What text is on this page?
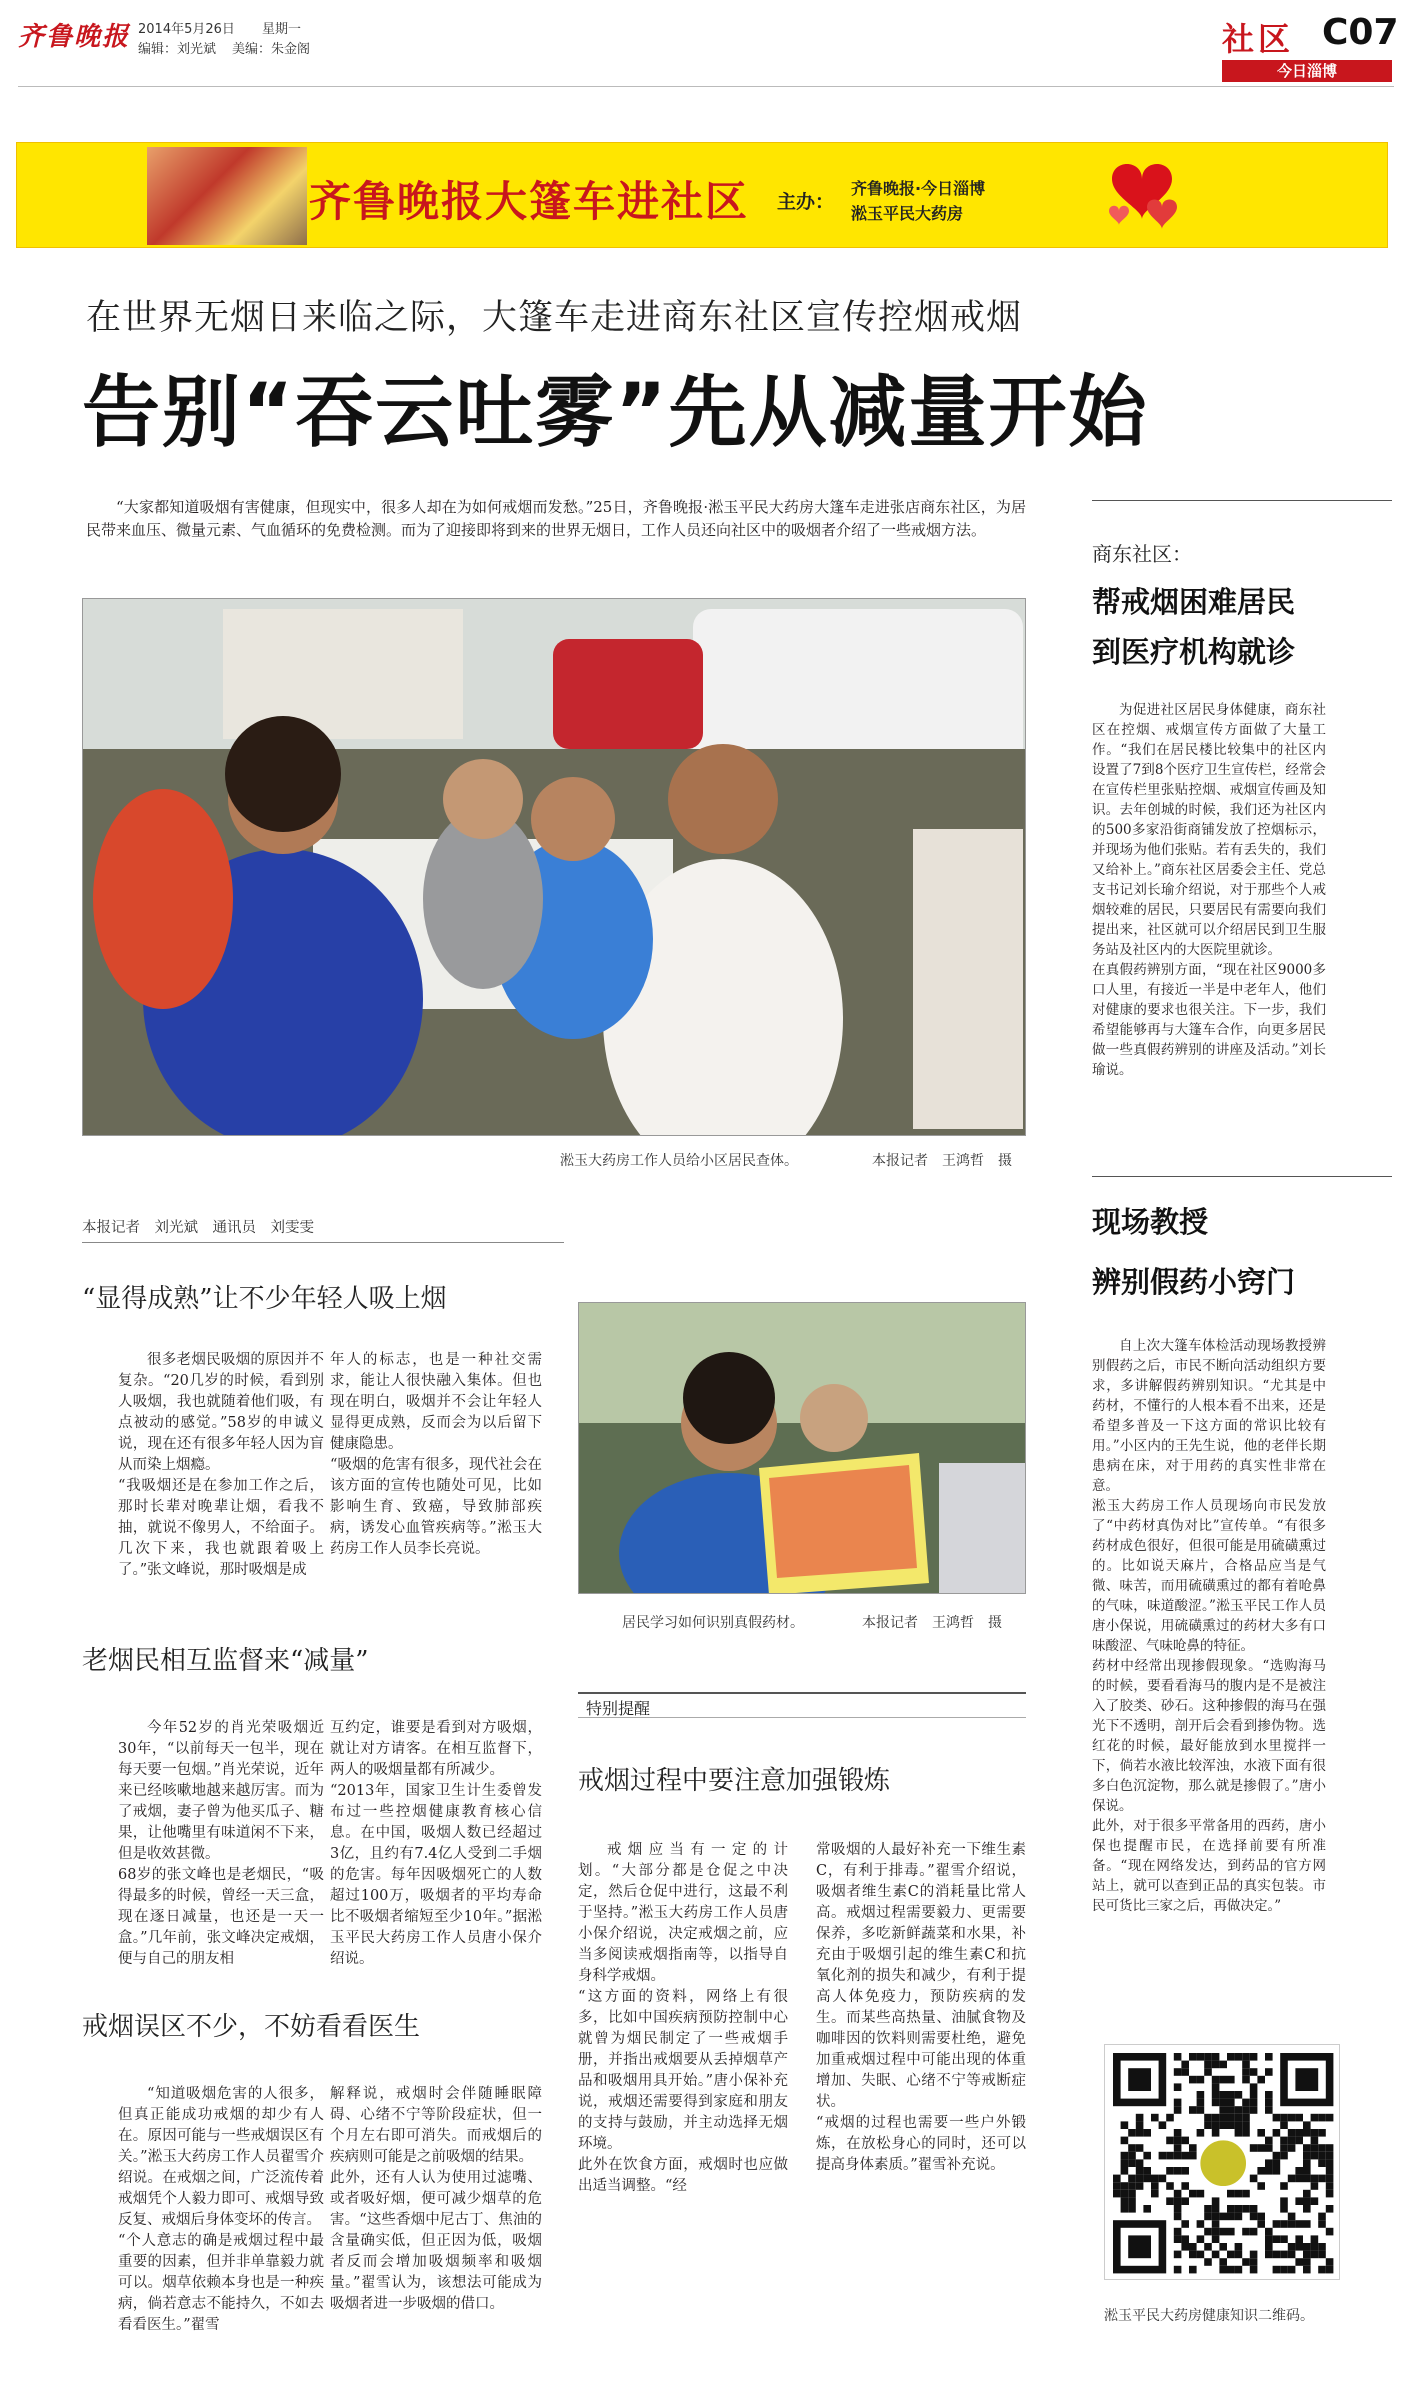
齐鲁晚报 2014年5月26日 星期一
编辑：刘光斌 美编：朱金阁	社区 C07
今日淄博
齐鲁晚报大篷车进社区 主办：
齐鲁晚报·今日淄博
淞玉平民大药房
在世界无烟日来临之际，大篷车走进商东社区宣传控烟戒烟
告别“吞云吐雾”先从减量开始
“大家都知道吸烟有害健康，但现实中，很多人却在为如何戒烟而发愁。”25日，齐鲁晚报·淞玉平民大药房大篷车走进张店商东社区，为居民带来血压、微量元素、气血循环的免费检测。而为了迎接即将到来的世界无烟日，工作人员还向社区中的吸烟者介绍了一些戒烟方法。
淞玉大药房工作人员给小区居民查体。	本报记者　王鸿哲　摄
本报记者　刘光斌　通讯员　刘雯雯
“显得成熟”让不少年轻人吸上烟
很多老烟民吸烟的原因并不复杂。“20几岁的时候，看到别人吸烟，我也就随着他们吸，有点被动的感觉。”58岁的申诚义说，现在还有很多年轻人因为盲从而染上烟瘾。
“我吸烟还是在参加工作之后，那时长辈对晚辈让烟，看我不抽，就说不像男人，不给面子。几次下来，我也就跟着吸上了。”张文峰说，那时吸烟是成
年人的标志，也是一种社交需求，能让人很快融入集体。但也现在明白，吸烟并不会让年轻人显得更成熟，反而会为以后留下健康隐患。
“吸烟的危害有很多，现代社会在该方面的宣传也随处可见，比如影响生育、致癌，导致肺部疾病，诱发心血管疾病等。”淞玉大药房工作人员李长亮说。
居民学习如何识别真假药材。	本报记者　王鸿哲　摄
老烟民相互监督来“减量”
今年52岁的肖光荣吸烟近30年，“以前每天一包半，现在每天要一包烟。”肖光荣说，近年来已经咳嗽地越来越厉害。而为了戒烟，妻子曾为他买瓜子、糖果，让他嘴里有味道闲不下来，但是收效甚微。
68岁的张文峰也是老烟民，“吸得最多的时候，曾经一天三盒，现在逐日减量，也还是一天一盒。”几年前，张文峰决定戒烟，便与自己的朋友相
互约定，谁要是看到对方吸烟，就让对方请客。在相互监督下，两人的吸烟量都有所减少。
“2013年，国家卫生计生委曾发布过一些控烟健康教育核心信息。在中国，吸烟人数已经超过3亿，且约有7.4亿人受到二手烟的危害。每年因吸烟死亡的人数超过100万，吸烟者的平均寿命比不吸烟者缩短至少10年。”据淞玉平民大药房工作人员唐小保介绍说。
戒烟误区不少，不妨看看医生
“知道吸烟危害的人很多，但真正能成功戒烟的却少有人在。原因可能与一些戒烟误区有关。”淞玉大药房工作人员翟雪介绍说。在戒烟之间，广泛流传着戒烟凭个人毅力即可、戒烟导致反复、戒烟后身体变坏的传言。
“个人意志的确是戒烟过程中最重要的因素，但并非单靠毅力就可以。烟草依赖本身也是一种疾病，倘若意志不能持久，不如去看看医生。”翟雪
解释说，戒烟时会伴随睡眠障碍、心绪不宁等阶段症状，但一个月左右即可消失。而戒烟后的疾病则可能是之前吸烟的结果。
此外，还有人认为使用过滤嘴、或者吸好烟，便可减少烟草的危害。“这些香烟中尼古丁、焦油的含量确实低，但正因为低，吸烟者反而会增加吸烟频率和吸烟量。”翟雪认为，该想法可能成为吸烟者进一步吸烟的借口。
特别提醒
戒烟过程中要注意加强锻炼
戒烟应当有一定的计划。“大部分都是仓促之中决定，然后仓促中进行，这最不利于坚持。”淞玉大药房工作人员唐小保介绍说，决定戒烟之前，应当多阅读戒烟指南等，以指导自身科学戒烟。
“这方面的资料，网络上有很多，比如中国疾病预防控制中心就曾为烟民制定了一些戒烟手册，并指出戒烟要从丢掉烟草产品和吸烟用具开始。”唐小保补充说，戒烟还需要得到家庭和朋友的支持与鼓励，并主动选择无烟环境。
此外在饮食方面，戒烟时也应做出适当调整。“经
常吸烟的人最好补充一下维生素C，有利于排毒。”翟雪介绍说，吸烟者维生素C的消耗量比常人高。戒烟过程需要毅力、更需要保养，多吃新鲜蔬菜和水果，补充由于吸烟引起的维生素C和抗氧化剂的损失和减少，有利于提高人体免疫力，预防疾病的发生。而某些高热量、油腻食物及咖啡因的饮料则需要杜绝，避免加重戒烟过程中可能出现的体重增加、失眠、心绪不宁等戒断症状。
“戒烟的过程也需要一些户外锻炼，在放松身心的同时，还可以提高身体素质。”翟雪补充说。
商东社区：
帮戒烟困难居民
到医疗机构就诊
为促进社区居民身体健康，商东社区在控烟、戒烟宣传方面做了大量工作。“我们在居民楼比较集中的社区内设置了7到8个医疗卫生宣传栏，经常会在宣传栏里张贴控烟、戒烟宣传画及知识。去年创城的时候，我们还为社区内的500多家沿街商铺发放了控烟标示，并现场为他们张贴。若有丢失的，我们又给补上。”商东社区居委会主任、党总支书记刘长瑜介绍说，对于那些个人戒烟较难的居民，只要居民有需要向我们提出来，社区就可以介绍居民到卫生服务站及社区内的大医院里就诊。
在真假药辨别方面，“现在社区9000多口人里，有接近一半是中老年人，他们对健康的要求也很关注。下一步，我们希望能够再与大篷车合作，向更多居民做一些真假药辨别的讲座及活动。”刘长瑜说。
现场教授
辨别假药小窍门
自上次大篷车体检活动现场教授辨别假药之后，市民不断向活动组织方要求，多讲解假药辨别知识。“尤其是中药材，不懂行的人根本看不出来，还是希望多普及一下这方面的常识比较有用。”小区内的王先生说，他的老伴长期患病在床，对于用药的真实性非常在意。
淞玉大药房工作人员现场向市民发放了“中药材真伪对比”宣传单。“有很多药材成色很好，但很可能是用硫磺熏过的。比如说天麻片，合格品应当是气微、味苦，而用硫磺熏过的都有着呛鼻的气味，味道酸涩。”淞玉平民工作人员唐小保说，用硫磺熏过的药材大多有口味酸涩、气味呛鼻的特征。
药材中经常出现掺假现象。“选购海马的时候，要看看海马的腹内是不是被注入了胶类、砂石。这种掺假的海马在强光下不透明，剖开后会看到掺伪物。选红花的时候，最好能放到水里搅拌一下，倘若水液比较浑浊，水液下面有很多白色沉淀物，那么就是掺假了。”唐小保说。
此外，对于很多平常备用的西药，唐小保也提醒市民，在选择前要有所准备。“现在网络发达，到药品的官方网站上，就可以查到正品的真实包装。市民可货比三家之后，再做决定。”
淞玉平民大药房健康知识二维码。
